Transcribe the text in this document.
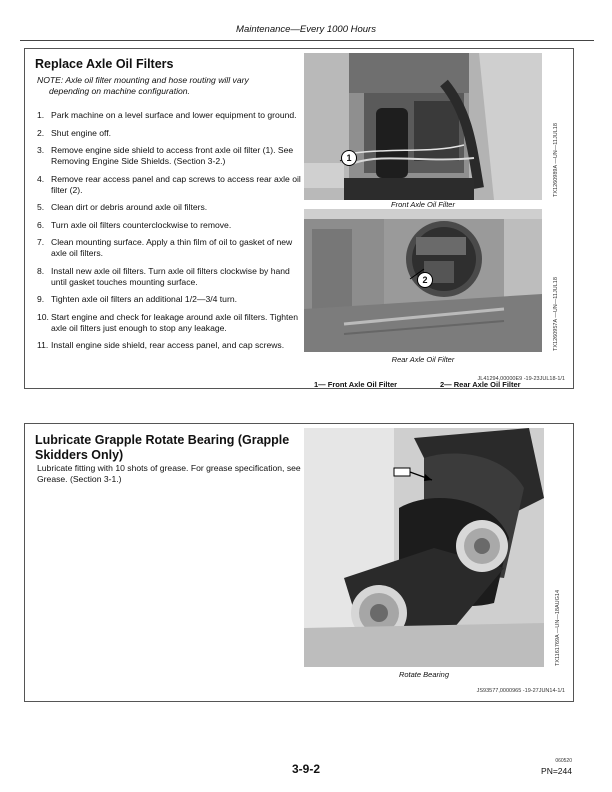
Maintenance—Every 1000 Hours
Replace Axle Oil Filters
NOTE: Axle oil filter mounting and hose routing will vary
depending on machine configuration.
1. Park machine on a level surface and lower equipment to ground.
2. Shut engine off.
3. Remove engine side shield to access front axle oil filter (1). See Removing Engine Side Shields. (Section 3-2.)
4. Remove rear access panel and cap screws to access rear axle oil filter (2).
5. Clean dirt or debris around axle oil filters.
6. Turn axle oil filters counterclockwise to remove.
7. Clean mounting surface. Apply a thin film of oil to gasket of new axle oil filters.
8. Install new axle oil filters. Turn axle oil filters clockwise by hand until gasket touches mounting surface.
9. Tighten axle oil filters an additional 1/2—3/4 turn.
10. Start engine and check for leakage around axle oil filters. Tighten axle oil filters just enough to stop any leakage.
11. Install engine side shield, rear access panel, and cap screws.
1
Front Axle Oil Filter
TX1260989A —UN—11JUL18
2
Rear Axle Oil Filter
TX1260957A —UN—11JUL18
1— Front Axle Oil Filter	2— Rear Axle Oil Filter
JL41294,00000E9 -19-23JUL18-1/1
Lubricate Grapple Rotate Bearing (Grapple Skidders Only)
Lubricate fitting with 10 shots of grease. For grease specification, see Grease. (Section 3-1.)
Rotate Bearing
TX1161769A —UN—18AUG14
JS93577,0000965 -19-27JUN14-1/1
3-9-2
060520
PN=244
